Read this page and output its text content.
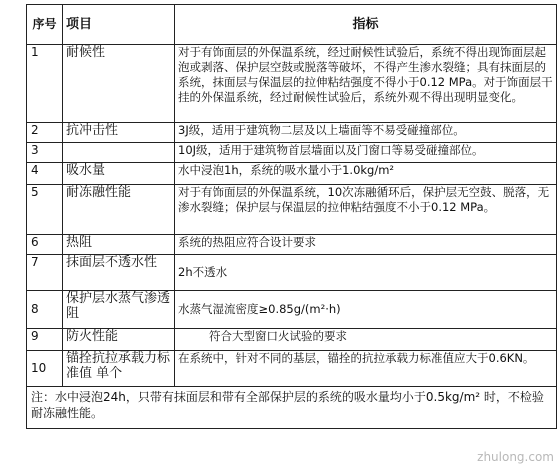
序号	项目	指标
1	耐候性	对于有饰面层的外保温系统，经过耐候性试验后，系统不得出现饰面层起泡或剥落、保护层空鼓或脱落等破坏，不得产生渗水裂缝；具有抹面层的系统，抹面层与保温层的拉伸粘结强度不得小于0.12 MPa。对于饰面层干挂的外保温系统，经过耐候性试验后，系统外观不得出现明显变化。
2	抗冲击性	3J级，适用于建筑物二层及以上墙面等不易受碰撞部位。
3		10J级，适用于建筑物首层墙面以及门窗口等易受碰撞部位。
4	吸水量	水中浸泡1h，系统的吸水量小于1.0kg/m²
5	耐冻融性能	对于有饰面层的外保温系统，10次冻融循环后，保护层无空鼓、脱落，无渗水裂缝；保护层与保温层的拉伸粘结强度不小于0.12 MPa。
6	热阻	系统的热阻应符合设计要求
7	抹面层不透水性	2h不透水
8	保护层水蒸气渗透阻	水蒸气湿流密度≥0.85g/(m²·h)
9	防火性能	符合大型窗口火试验的要求
10	锚拴抗拉承载力标准值 单个	在系统中，针对不同的基层，锚拴的抗拉承载力标准值应大于0.6KN。
注：水中浸泡24h，只带有抹面层和带有全部保护层的系统的吸水量均小于0.5kg/m² 时，不检验耐冻融性能。		
zhulong.com
